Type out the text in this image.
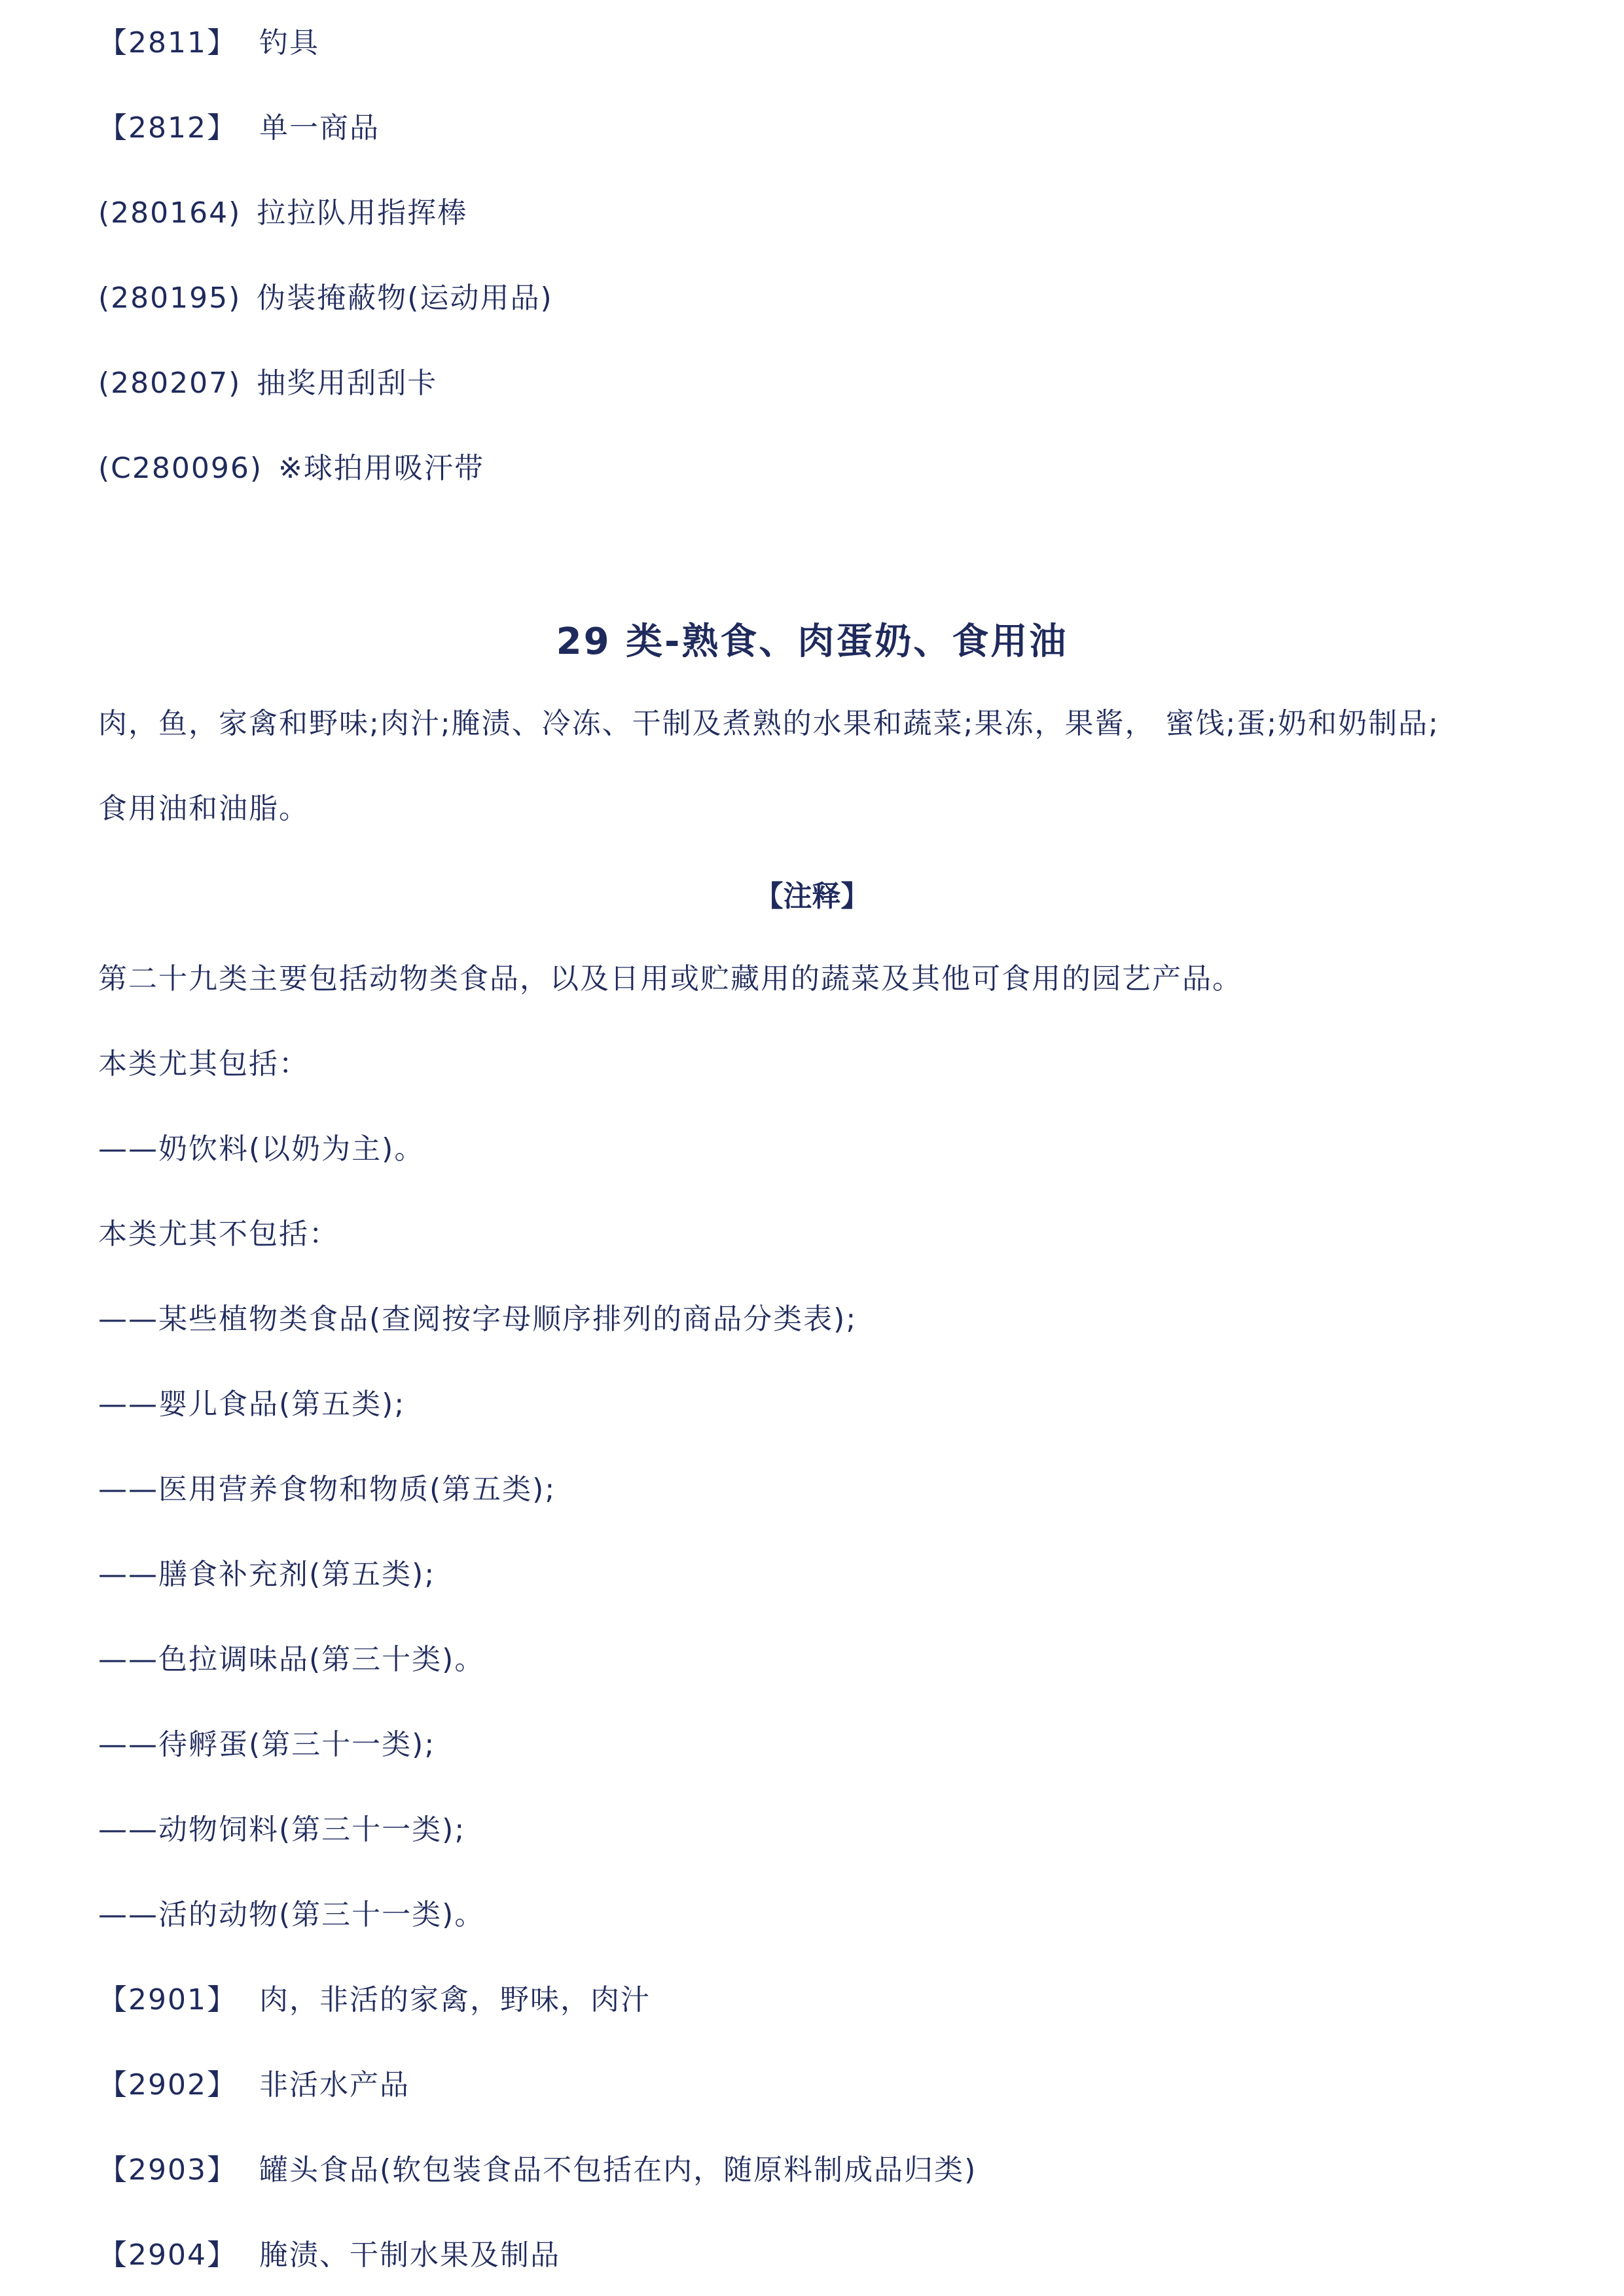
【2811】 钓具
【2812】 单一商品
(280164) 拉拉队用指挥棒
(280195) 伪装掩蔽物(运动用品)
(280207) 抽奖用刮刮卡
(C280096) ※球拍用吸汗带
29 类-熟食、肉蛋奶、食用油
肉，鱼，家禽和野味;肉汁;腌渍、冷冻、干制及煮熟的水果和蔬菜;果冻，果酱， 蜜饯;蛋;奶和奶制品;
食用油和油脂。
【注释】
第二十九类主要包括动物类食品，以及日用或贮藏用的蔬菜及其他可食用的园艺产品。
本类尤其包括：
——奶饮料(以奶为主)。
本类尤其不包括：
——某些植物类食品(查阅按字母顺序排列的商品分类表);
——婴儿食品(第五类);
——医用营养食物和物质(第五类);
——膳食补充剂(第五类);
——色拉调味品(第三十类)。
——待孵蛋(第三十一类);
——动物饲料(第三十一类);
——活的动物(第三十一类)。
【2901】 肉，非活的家禽，野味，肉汁
【2902】 非活水产品
【2903】 罐头食品(软包装食品不包括在内，随原料制成品归类)
【2904】 腌渍、干制水果及制品
